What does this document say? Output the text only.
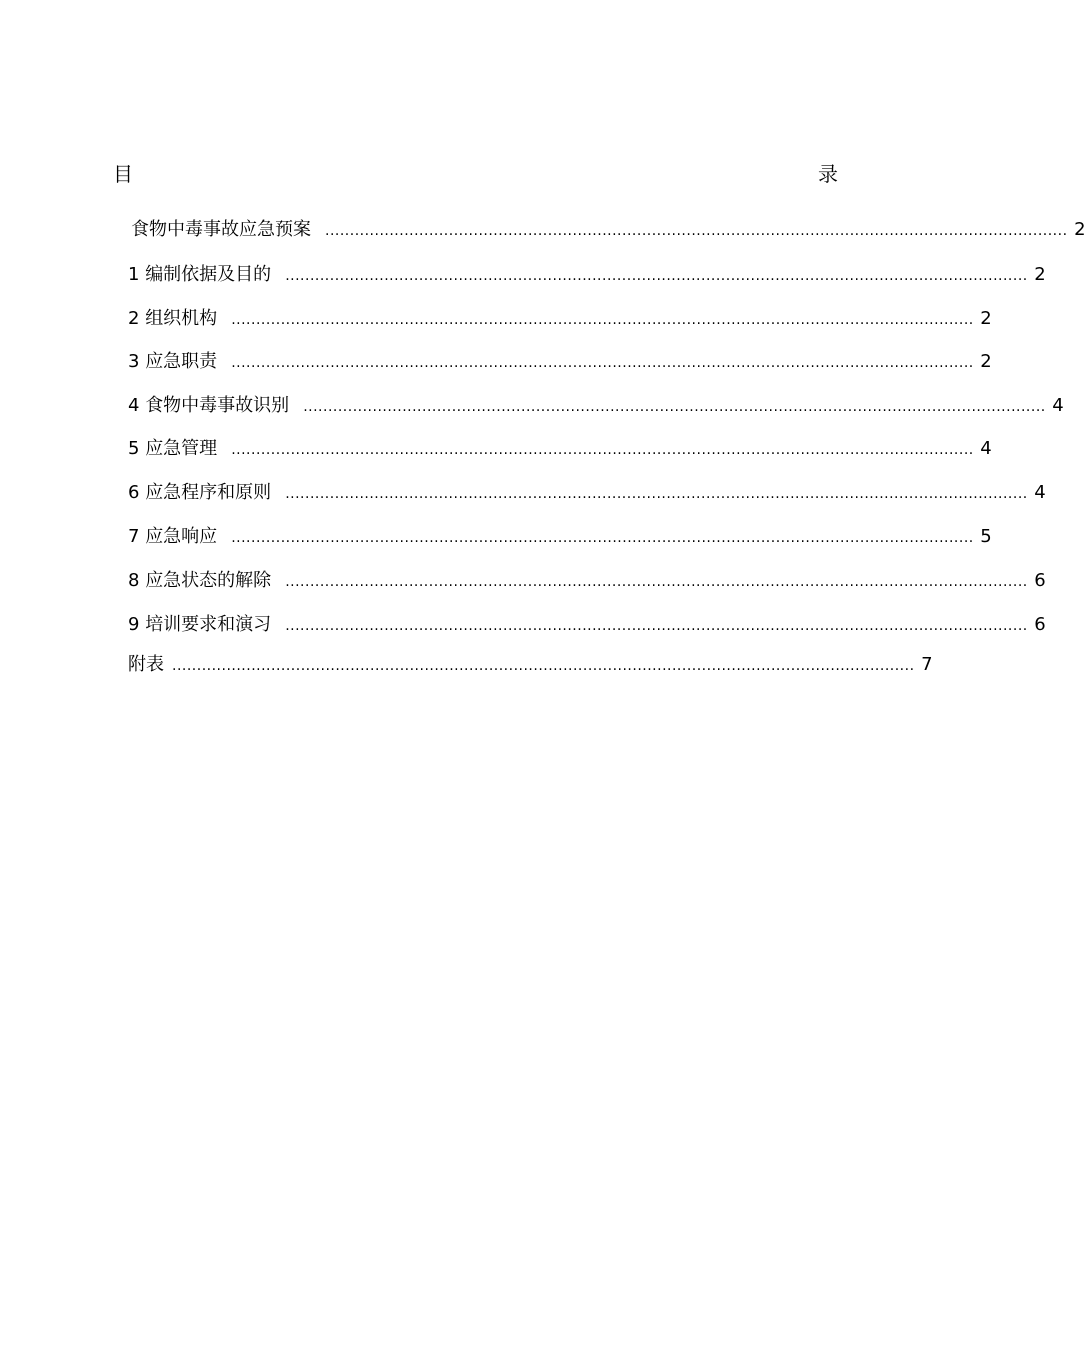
目	录
食物中毒事故应急预案 ...................................................................................................................................................... 2
1 编制依据及目的 ...................................................................................................................................................... 2
2 组织机构 ...................................................................................................................................................... 2
3 应急职责 ...................................................................................................................................................... 2
4 食物中毒事故识别 ...................................................................................................................................................... 4
5 应急管理 ...................................................................................................................................................... 4
6 应急程序和原则 ...................................................................................................................................................... 4
7 应急响应 ...................................................................................................................................................... 5
8 应急状态的解除 ...................................................................................................................................................... 6
9 培训要求和演习 ...................................................................................................................................................... 6
附表 ...................................................................................................................................................... 7
